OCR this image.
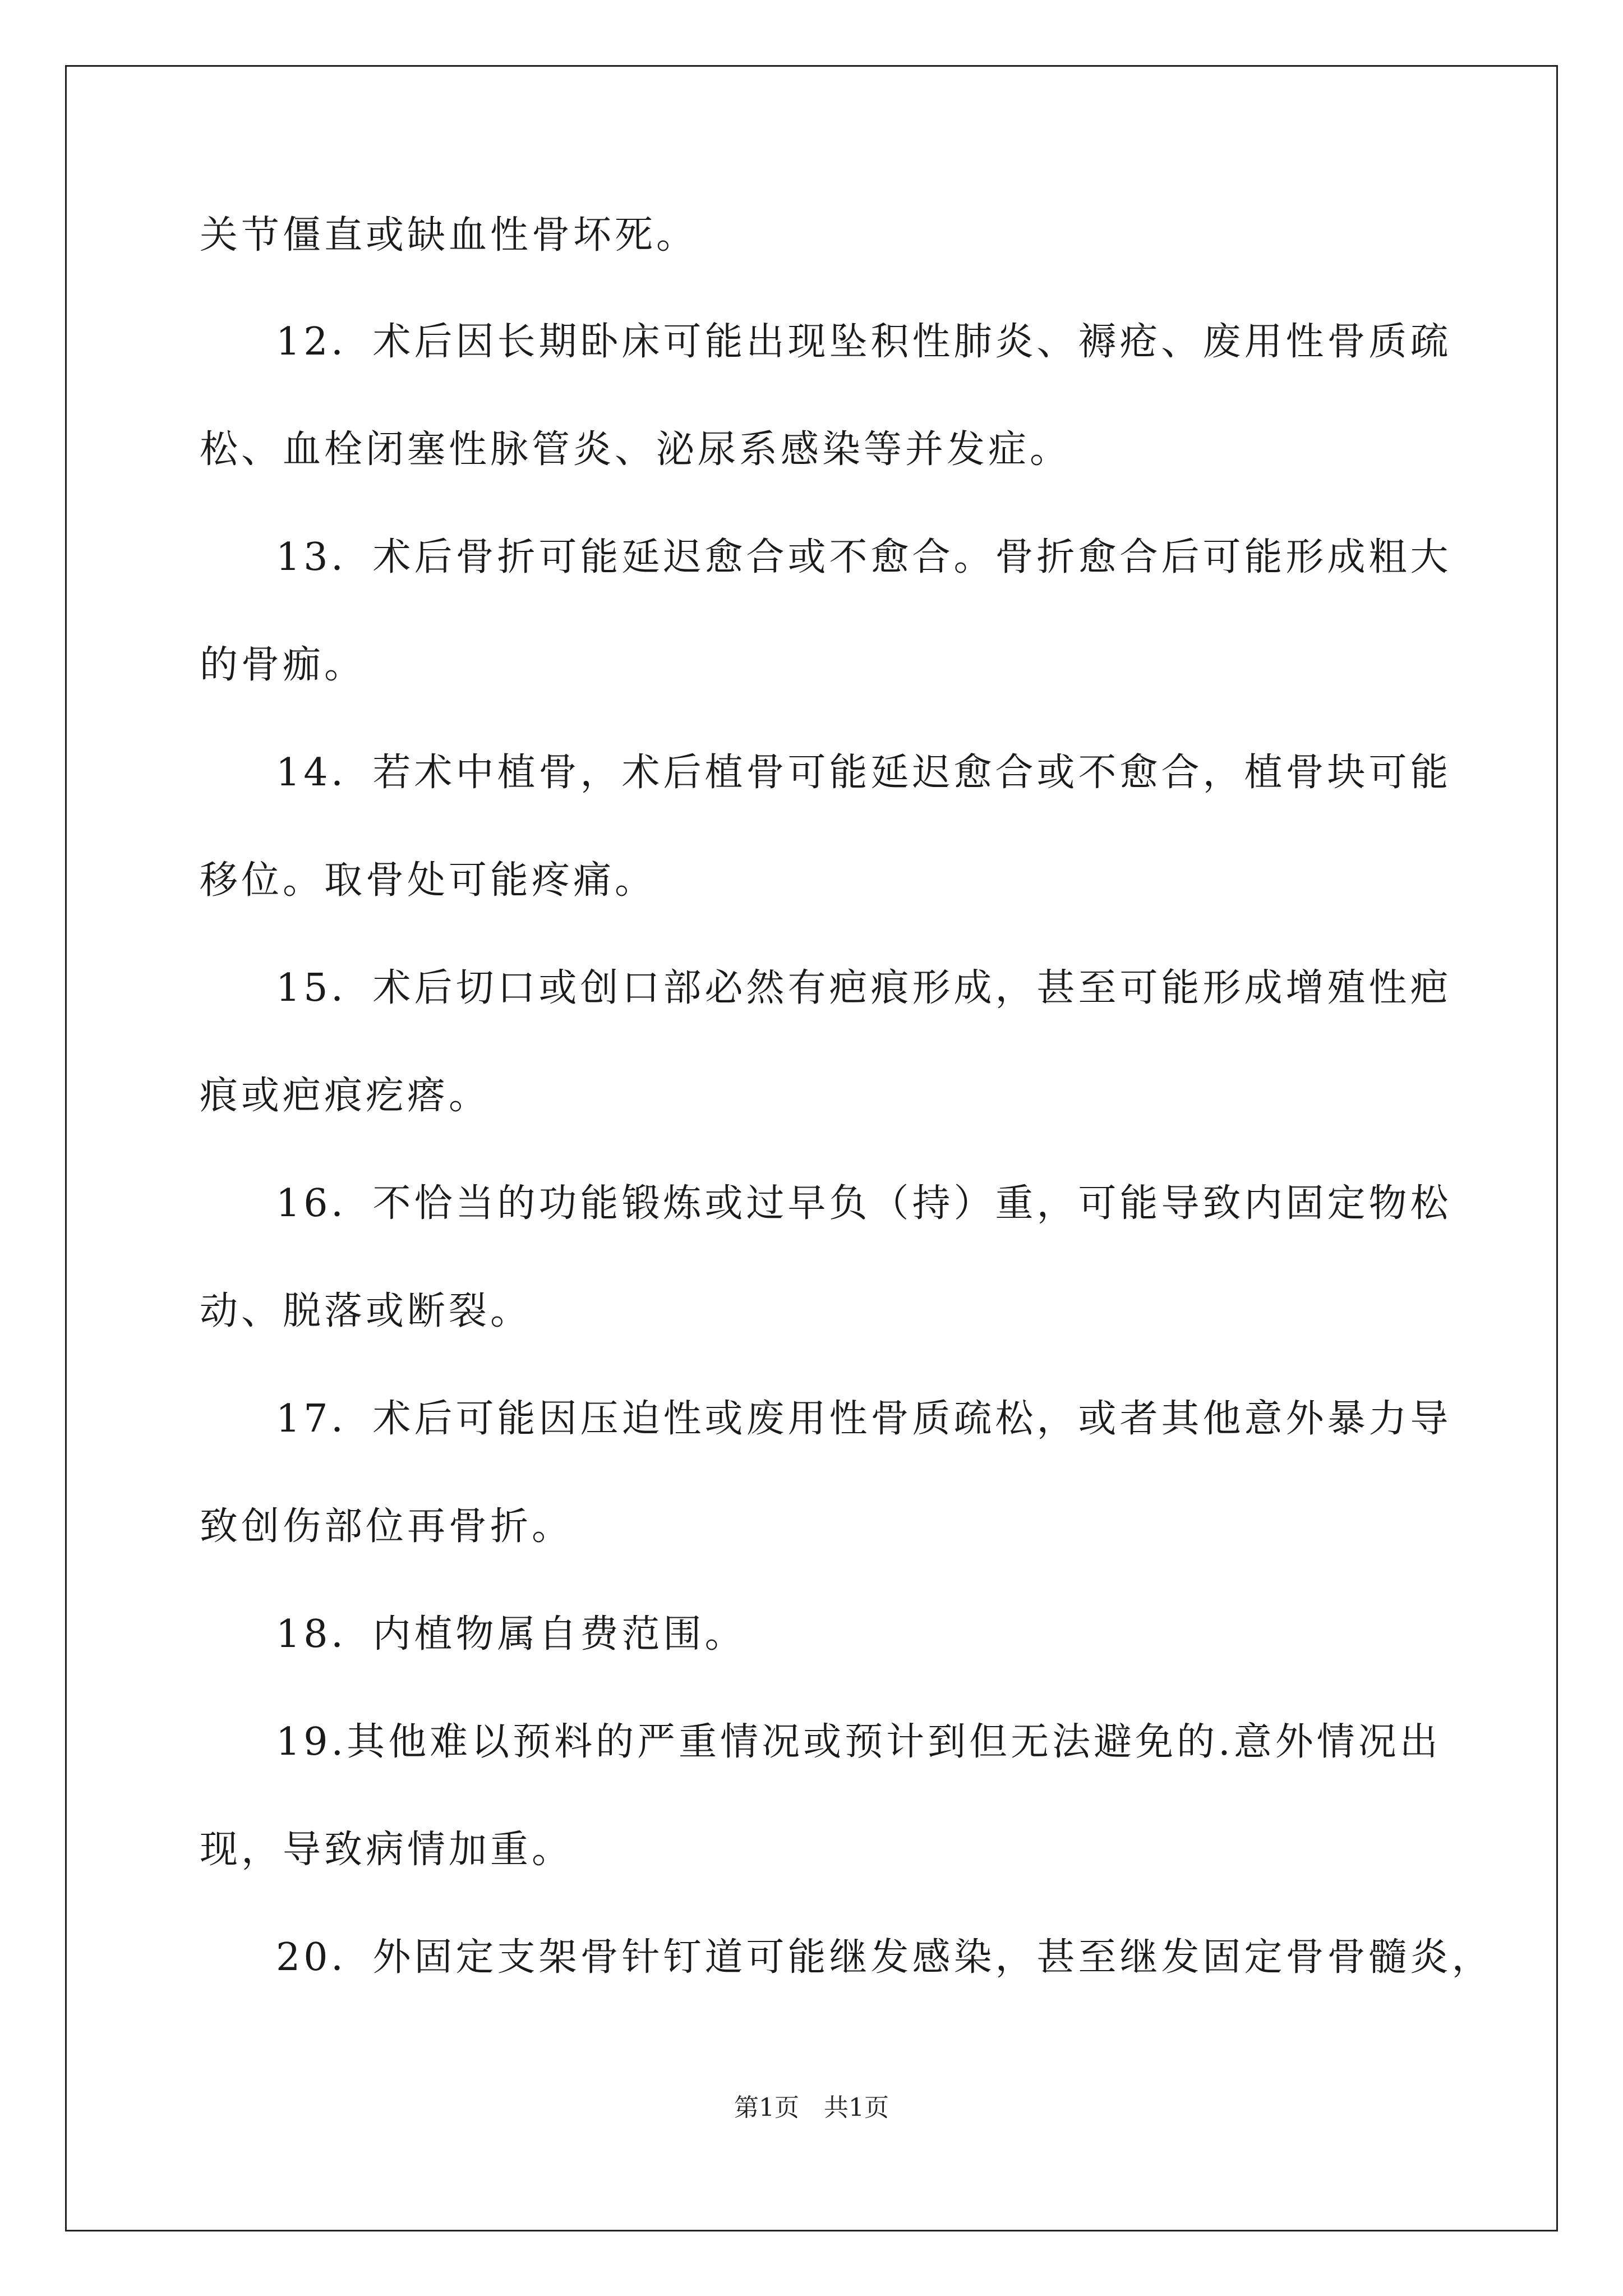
关节僵直或缺血性骨坏死。
12．术后因长期卧床可能出现坠积性肺炎、褥疮、废用性骨质疏
松、血栓闭塞性脉管炎、泌尿系感染等并发症。
13．术后骨折可能延迟愈合或不愈合。骨折愈合后可能形成粗大
的骨痂。
14．若术中植骨，术后植骨可能延迟愈合或不愈合，植骨块可能
移位。取骨处可能疼痛。
15．术后切口或创口部必然有疤痕形成，甚至可能形成增殖性疤
痕或疤痕疙瘩。
16．不恰当的功能锻炼或过早负（持）重，可能导致内固定物松
动、脱落或断裂。
17．术后可能因压迫性或废用性骨质疏松，或者其他意外暴力导
致创伤部位再骨折。
18．内植物属自费范围。
19.其他难以预料的严重情况或预计到但无法避免的.意外情况出
现，导致病情加重。
20．外固定支架骨针钉道可能继发感染，甚至继发固定骨骨髓炎，
第1页　共1页
